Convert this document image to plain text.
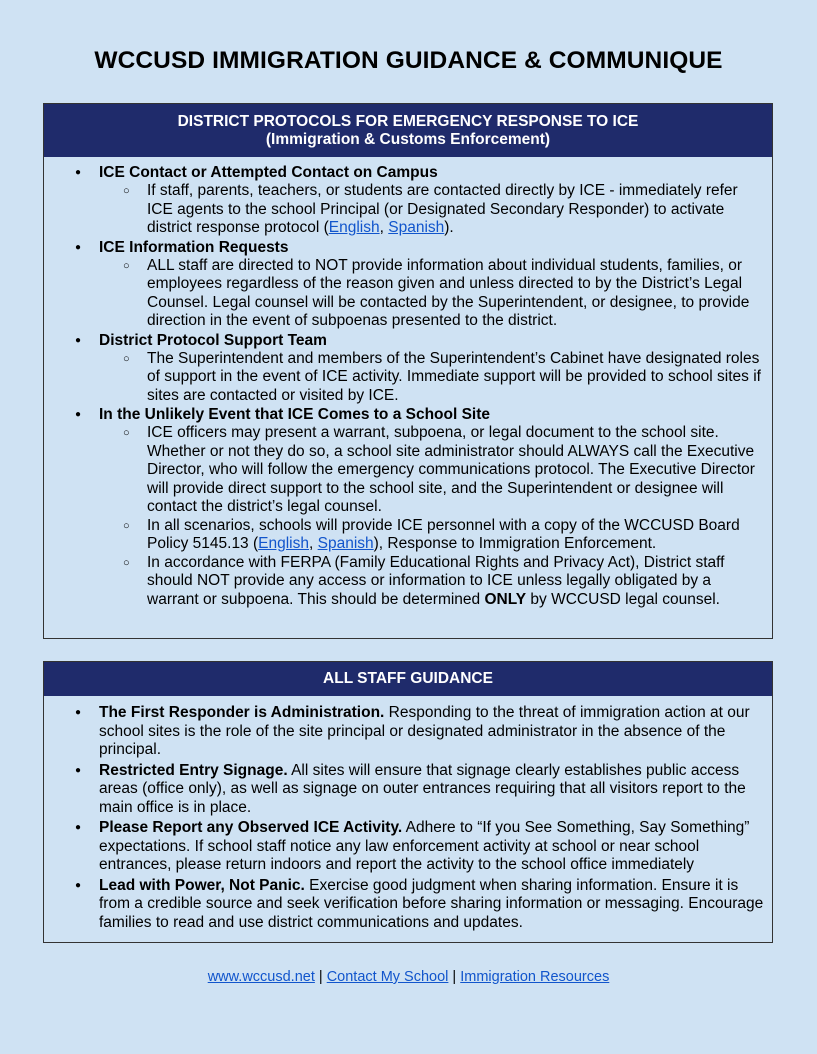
WCCUSD IMMIGRATION GUIDANCE & COMMUNIQUE
DISTRICT PROTOCOLS FOR EMERGENCY RESPONSE TO ICE
(Immigration & Customs Enforcement)
● ICE Contact or Attempted Contact on Campus
○ If staff, parents, teachers, or students are contacted directly by ICE - immediately refer ICE agents to the school Principal (or Designated Secondary Responder) to activate district response protocol (English, Spanish).
● ICE Information Requests
○ ALL staff are directed to NOT provide information about individual students, families, or employees regardless of the reason given and unless directed to by the District’s Legal Counsel. Legal counsel will be contacted by the Superintendent, or designee, to provide direction in the event of subpoenas presented to the district.
● District Protocol Support Team
○ The Superintendent and members of the Superintendent’s Cabinet have designated roles of support in the event of ICE activity. Immediate support will be provided to school sites if sites are contacted or visited by ICE.
● In the Unlikely Event that ICE Comes to a School Site
○ ICE officers may present a warrant, subpoena, or legal document to the school site. Whether or not they do so, a school site administrator should ALWAYS call the Executive Director, who will follow the emergency communications protocol. The Executive Director will provide direct support to the school site, and the Superintendent or designee will contact the district’s legal counsel.
○ In all scenarios, schools will provide ICE personnel with a copy of the WCCUSD Board Policy 5145.13 (English, Spanish), Response to Immigration Enforcement.
○ In accordance with FERPA (Family Educational Rights and Privacy Act), District staff should NOT provide any access or information to ICE unless legally obligated by a warrant or subpoena. This should be determined ONLY by WCCUSD legal counsel.
ALL STAFF GUIDANCE
● The First Responder is Administration. Responding to the threat of immigration action at our school sites is the role of the site principal or designated administrator in the absence of the principal.
● Restricted Entry Signage. All sites will ensure that signage clearly establishes public access areas (office only), as well as signage on outer entrances requiring that all visitors report to the main office is in place.
● Please Report any Observed ICE Activity. Adhere to “If you See Something, Say Something” expectations. If school staff notice any law enforcement activity at school or near school entrances, please return indoors and report the activity to the school office immediately
● Lead with Power, Not Panic. Exercise good judgment when sharing information. Ensure it is from a credible source and seek verification before sharing information or messaging. Encourage families to read and use district communications and updates.
www.wccusd.net | Contact My School | Immigration Resources
